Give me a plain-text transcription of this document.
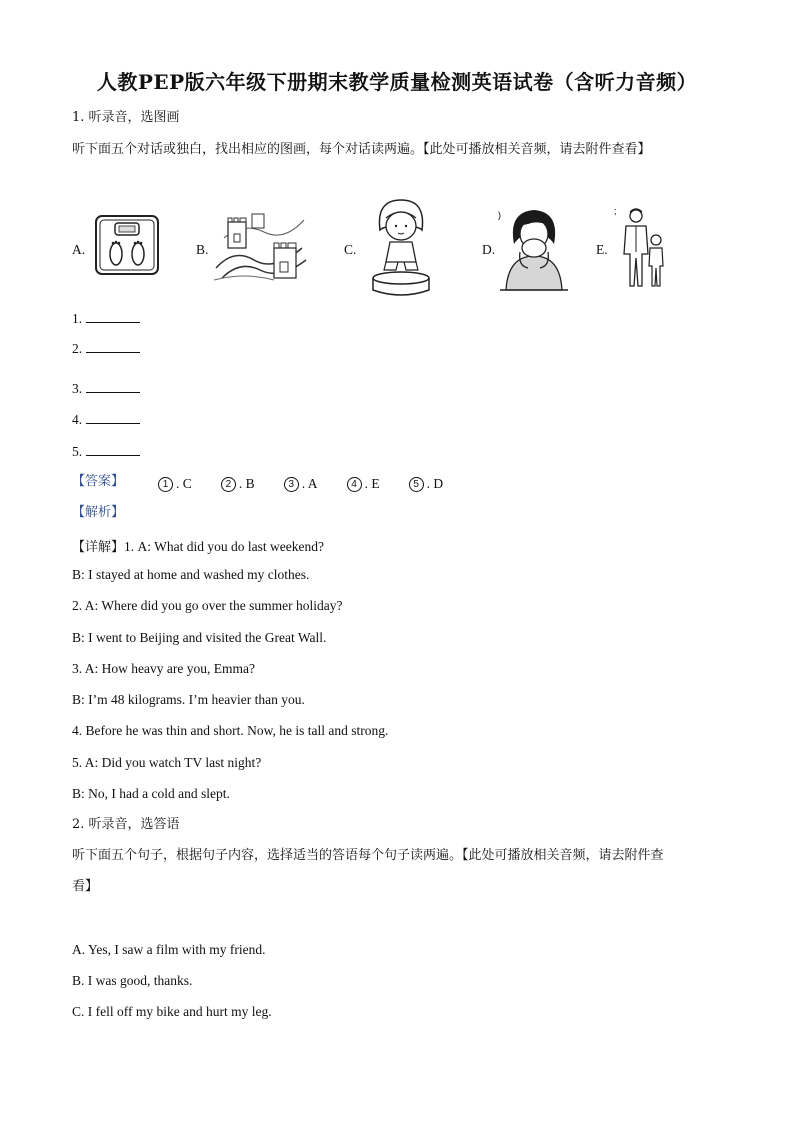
人教PEP版六年级下册期末教学质量检测英语试卷（含听力音频）
1. 听录音，选图画
听下面五个对话或独白，找出相应的图画，每个对话读两遍。【此处可播放相关音频，请去附件查看】
A.	B.	C.	D.
)
E.
;
1.
2.
3.
4.
5.
【答案】	1 . C	2 . B	3 . A	4 . E	5 . D
【解析】
【详解】1. A: What did you do last weekend?
B: I stayed at home and washed my clothes.
2. A: Where did you go over the summer holiday?
B: I went to Beijing and visited the Great Wall.
3. A: How heavy are you, Emma?
B: I’m 48 kilograms. I’m heavier than you.
4. Before he was thin and short. Now, he is tall and strong.
5. A: Did you watch TV last night?
B: No, I had a cold and slept.
2. 听录音，选答语
听下面五个句子，根据句子内容，选择适当的答语每个句子读两遍。【此处可播放相关音频，请去附件查
看】
A. Yes, I saw a film with my friend.
B. I was good, thanks.
C. I fell off my bike and hurt my leg.
